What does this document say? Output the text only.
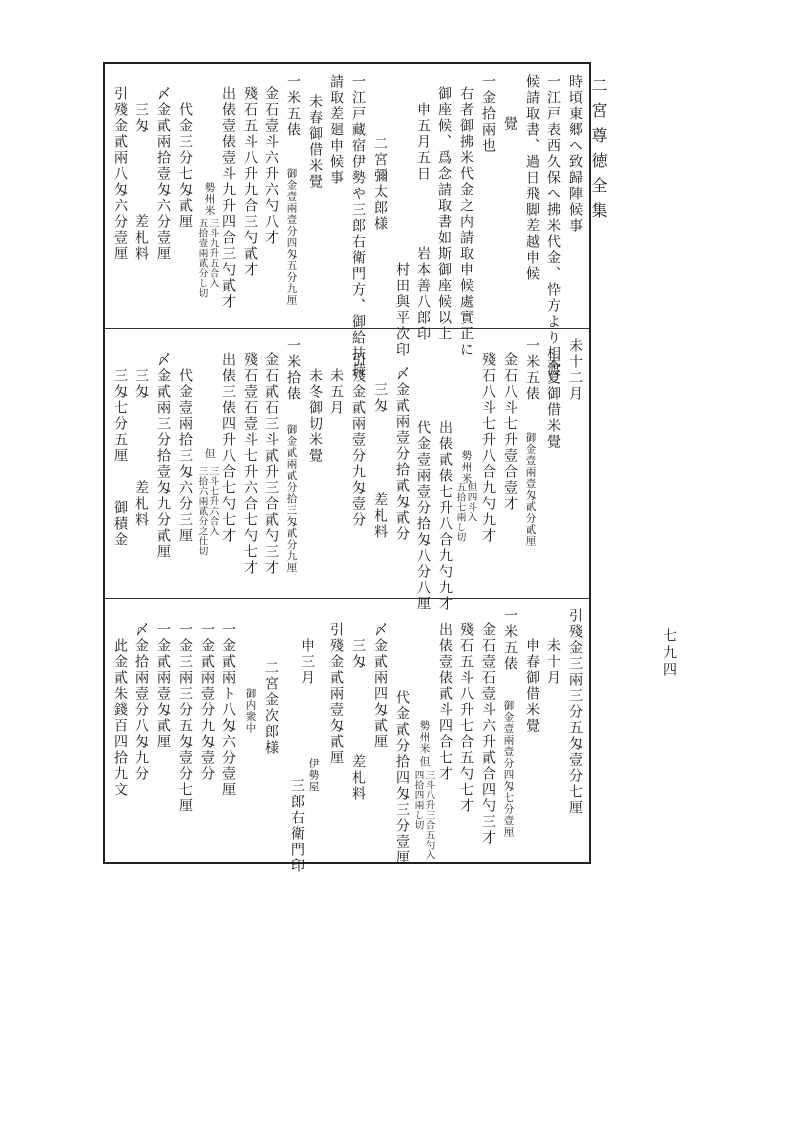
二宮尊徳全集
七九四
時頃東郷へ致歸陣候事
一江戸表西久保へ拂米代金、忰方より相渡
候請取書、過日飛脚差越申候
覺
一金拾兩也
右者御拂米代金之内請取申候處實正に
御座候、爲念請取書如斯御座候以上
申五月五日
岩本善八郎印
村田與平次印
二宮彌太郎様
一江戸藏宿伊勢や三郎右衛門方、御給扶持
請取差廻申候事
未春御借米覺
一米五俵
御金壹兩壹分四匁五分九厘
金石壹斗六升六勺八才
殘石五斗八升九合三勺貳才
出俵壹俵壹斗九升四合三勺貳才
勢州米
三斗九升五合入
五拾壹兩貳分し切
代金三分七匁貳厘
〆金貳兩拾壹匁六分壹厘
三匁
差札料
引殘金貳兩八匁六分壹厘
未十二月
未夏御借米覺
一米五俵
御金壹兩壹匁貳分貳厘
金石八斗七升壹合壹才
殘石八斗七升八合九勺九才
勢州米
但四斗入
五拾七兩し切
出俵貳俵七升八合九勺九才
代金壹兩壹分拾匁八分八厘
〆金貳兩壹分拾貳匁貳分
三匁
差札料
引殘金貳兩壹分九匁壹分
未五月
未冬御切米覺
一米拾俵
御金貳兩貳分拾三匁貳分九厘
金石貳石三斗貳升三合貳勺三才
殘石壹石壹斗七升六合七勺七才
出俵三俵四升八合七勺七才
但
三斗七升六合入
三拾六兩貳分之仕切
代金壹兩拾三匁六分三厘
〆金貳兩三分拾壹匁九分貳厘
三匁
差札料
三匁七分五厘
御積金
引殘金三兩三分五匁壹分七厘
未十月
申春御借米覺
一米五俵
御金壹兩壹分四匁七分壹厘
金石壹石壹斗六升貳合四勺三才
殘石五斗八升七合五勺七才
出俵壹俵貳斗四合七才
勢州米
但
三斗八升三合五勺入
四拾四兩し切
代金貳分拾四匁三分壹厘
〆金貳兩四匁貳厘
三匁
差札料
引殘金貳兩壹匁貳厘
申三月
伊勢屋
三郎右衛門印
二宮金次郎様
御内衆中
一金貳兩ト八匁六分壹厘
一金貳兩壹分九匁壹分
一金三兩三分五匁壹分七厘
一金貳兩壹匁貳厘
〆金拾兩壹分八匁九分
此金貳朱錢百四拾九文
